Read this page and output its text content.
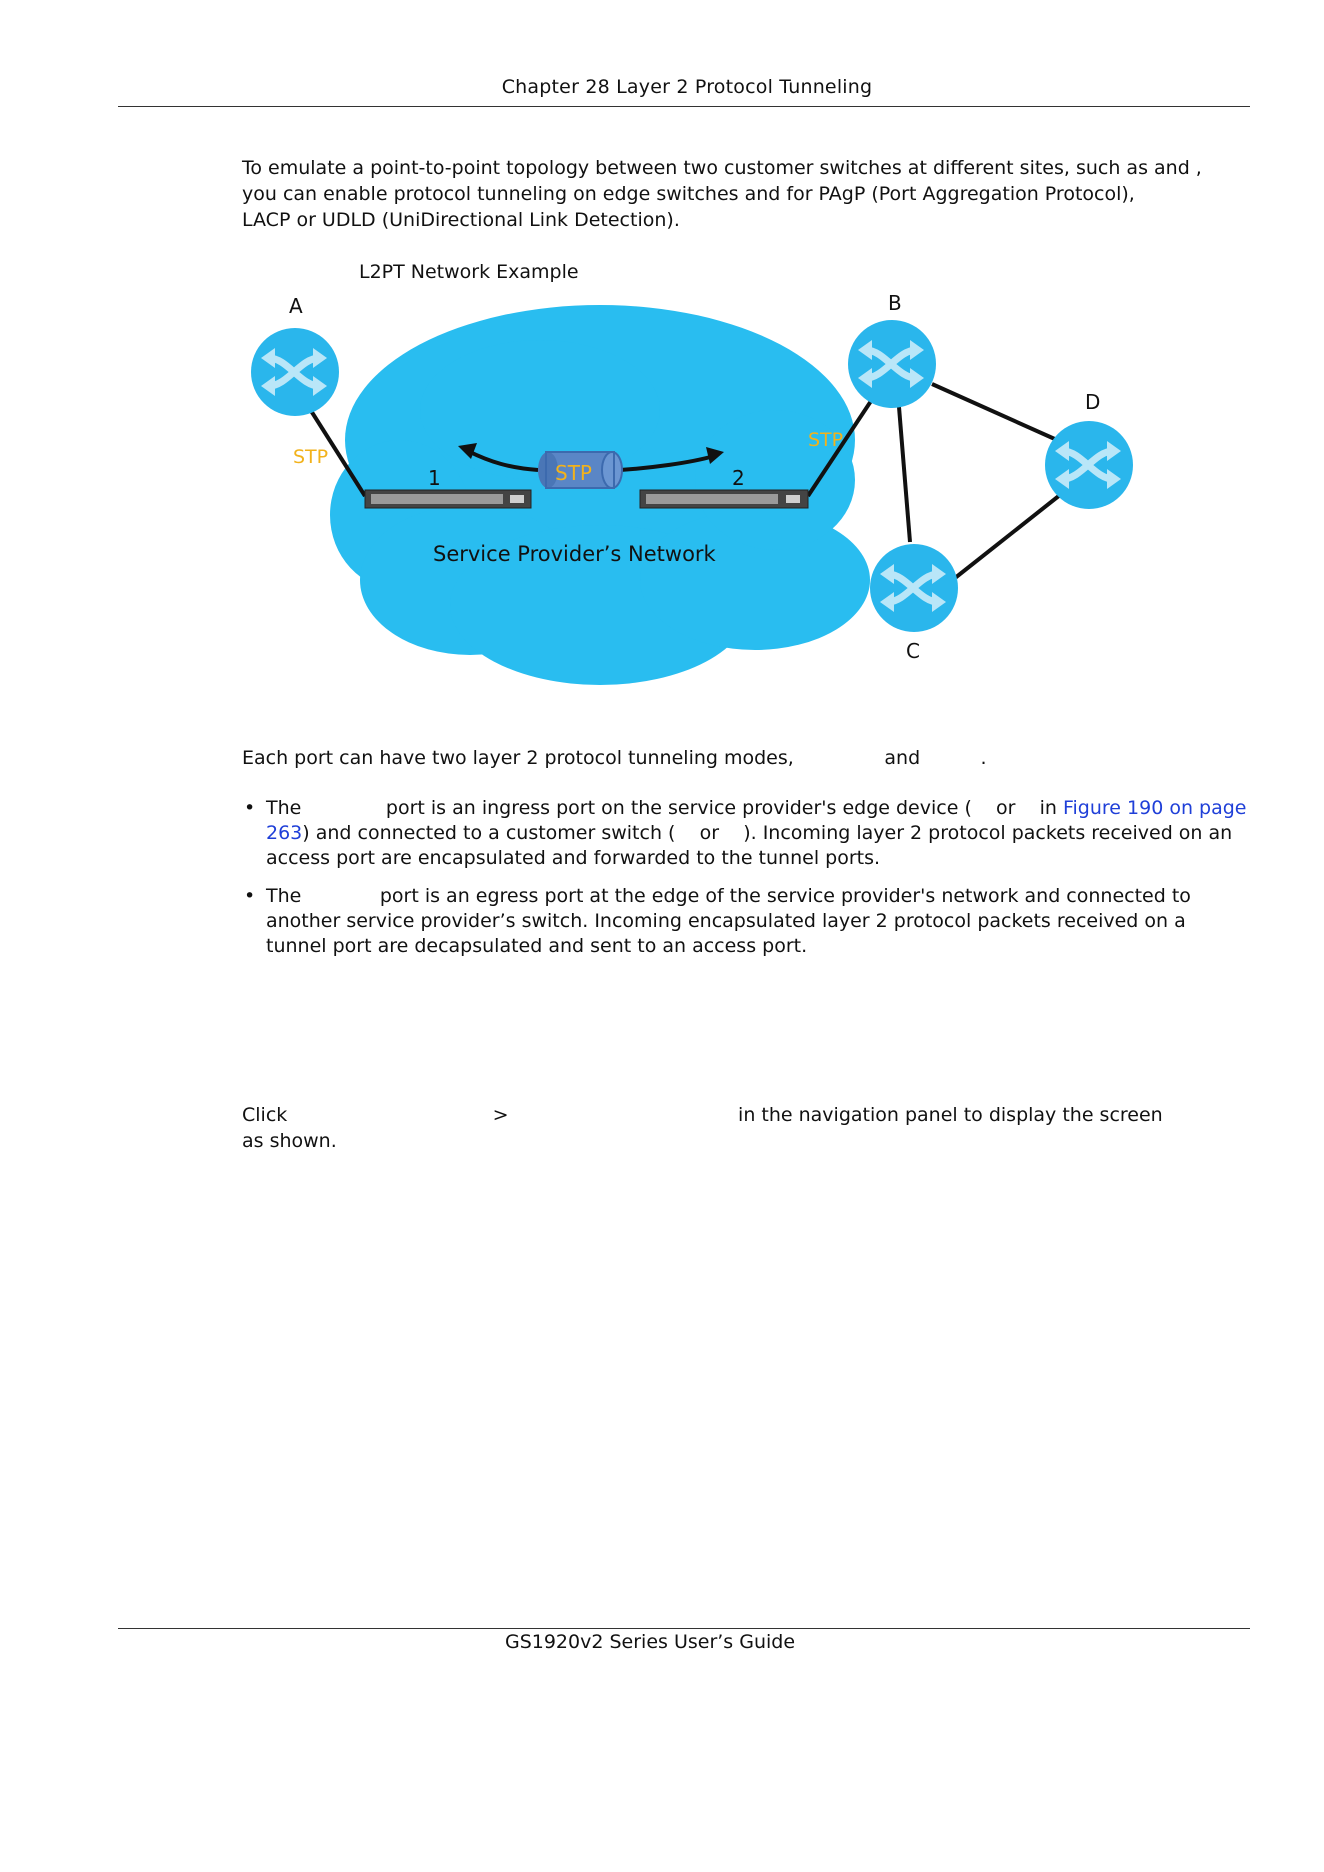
Chapter 28 Layer 2 Protocol Tunneling

To emulate a point-to-point topology between two customer switches at different sites, such as and ,
you can enable protocol tunneling on edge switches and for PAgP (Port Aggregation Protocol),
LACP or UDLD (UniDirectional Link Detection).

L2PT Network Example
STP
1	2
STP
STP
Service Provider’s Network
A	B
C
D

Each port can have two layer 2 protocol tunneling modes,               and          .

• The              port is an ingress port on the service provider's edge device (    or    in Figure 190 on page
263) and connected to a customer switch (    or    ). Incoming layer 2 protocol packets received on an
access port are encapsulated and forwarded to the tunnel ports.
• The             port is an egress port at the edge of the service provider's network and connected to
another service provider’s switch. Incoming encapsulated layer 2 protocol packets received on a
tunnel port are decapsulated and sent to an access port.

Click                                  >                                      in the navigation panel to display the screen
as shown.

GS1920v2 Series User’s Guide
